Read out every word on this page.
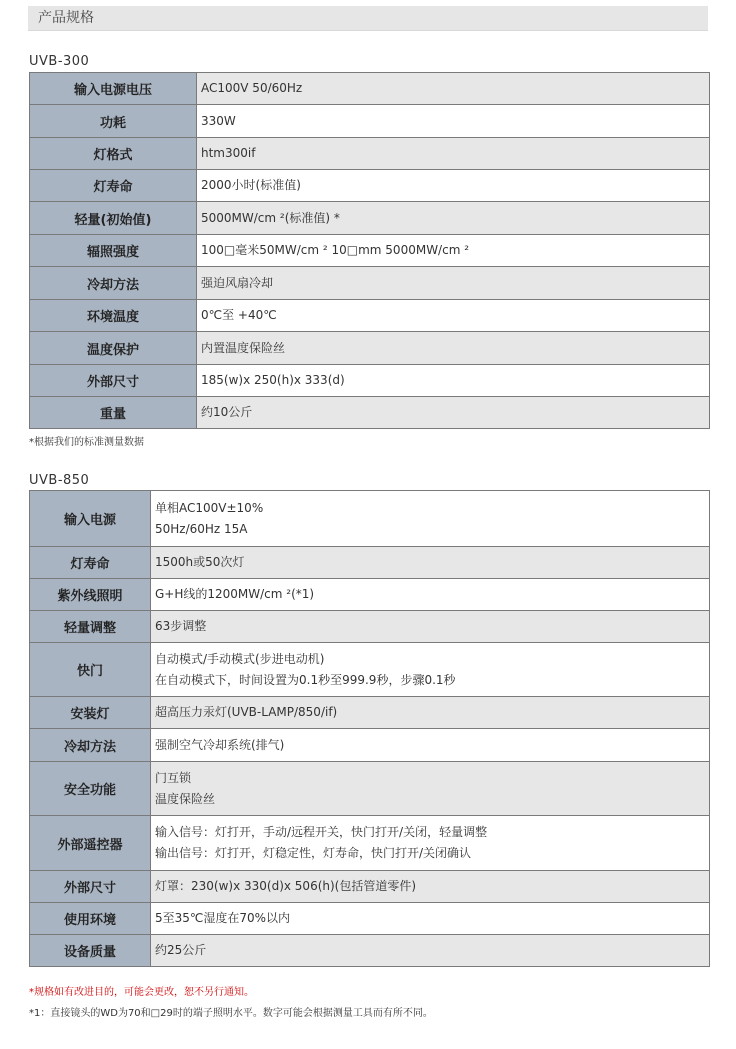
产品规格
UVB-300
输入电源电压	AC100V 50/60Hz
功耗	330W
灯格式	htm300if
灯寿命	2000小时(标准值)
轻量(初始值)	5000MW/cm ²(标准值) *
辐照强度	100□毫米50MW/cm ² 10□mm 5000MW/cm ²
冷却方法	强迫风扇冷却
环境温度	0℃至 +40℃
温度保护	内置温度保险丝
外部尺寸	185(w)x 250(h)x 333(d)
重量	约10公斤
*根据我们的标准测量数据
UVB-850
输入电源	单相AC100V±10%
50Hz/60Hz 15A

灯寿命	1500h或50次灯

紫外线照明	G+H线的1200MW/cm ²(*1)

轻量调整	63步调整

快门	自动模式/手动模式(步进电动机)
在自动模式下，时间设置为0.1秒至999.9秒，步骤0.1秒

安装灯	超高压力汞灯(UVB-LAMP/850/if)

冷却方法	强制空气冷却系统(排气)

安全功能	门互锁
温度保险丝

外部遥控器	输入信号：灯打开，手动/远程开关，快门打开/关闭，轻量调整
输出信号：灯打开，灯稳定性，灯寿命，快门打开/关闭确认

外部尺寸	灯罩：230(w)x 330(d)x 506(h)(包括管道零件)

使用环境	5至35℃湿度在70%以内

设备质量	约25公斤
*规格如有改进目的，可能会更改，恕不另行通知。
*1：直接镜头的WD为70和□29时的端子照明水平。数字可能会根据测量工具而有所不同。
